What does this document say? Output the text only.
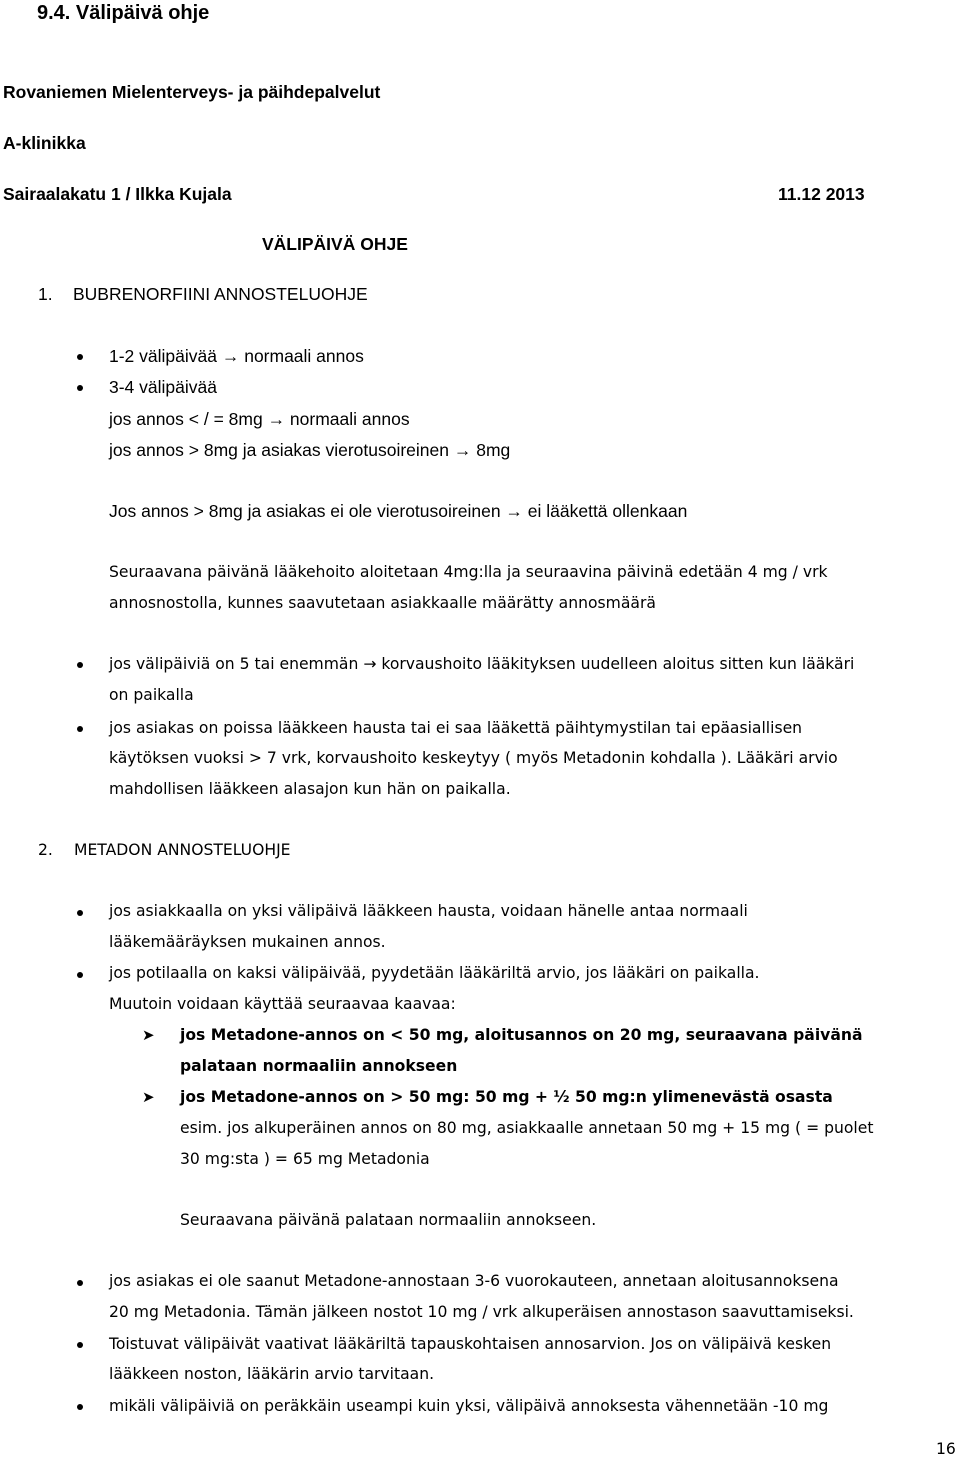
9.4. Välipäivä ohje
Rovaniemen Mielenterveys- ja päihdepalvelut
A-klinikka
Sairaalakatu 1 / Ilkka Kujala	11.12 2013
VÄLIPÄIVÄ OHJE
1. BUBRENORFIINI ANNOSTELUOHJE
1-2 välipäivää → normaali annos
3-4 välipäivää
jos annos < / = 8mg → normaali annos
jos annos > 8mg ja asiakas vierotusoireinen → 8mg
Jos annos > 8mg ja asiakas ei ole vierotusoireinen → ei lääkettä ollenkaan
Seuraavana päivänä lääkehoito aloitetaan 4mg:lla ja seuraavina päivinä edetään 4 mg / vrk
annosnostolla, kunnes saavutetaan asiakkaalle määrätty annosmäärä
jos välipäiviä on 5 tai enemmän → korvaushoito lääkityksen uudelleen aloitus sitten kun lääkäri
on paikalla
jos asiakas on poissa lääkkeen hausta tai ei saa lääkettä päihtymystilan tai epäasiallisen
käytöksen vuoksi > 7 vrk, korvaushoito keskeytyy ( myös Metadonin kohdalla ). Lääkäri arvio
mahdollisen lääkkeen alasajon kun hän on paikalla.
2. METADON ANNOSTELUOHJE
jos asiakkaalla on yksi välipäivä lääkkeen hausta, voidaan hänelle antaa normaali
lääkemääräyksen mukainen annos.
jos potilaalla on kaksi välipäivää, pyydetään lääkäriltä arvio, jos lääkäri on paikalla.
Muutoin voidaan käyttää seuraavaa kaavaa:
➤ jos Metadone-annos on < 50 mg, aloitusannos on 20 mg, seuraavana päivänä
palataan normaaliin annokseen
➤ jos Metadone-annos on > 50 mg: 50 mg + ½ 50 mg:n ylimenevästä osasta
esim. jos alkuperäinen annos on 80 mg, asiakkaalle annetaan 50 mg + 15 mg ( = puolet
30 mg:sta ) = 65 mg Metadonia
Seuraavana päivänä palataan normaaliin annokseen.
jos asiakas ei ole saanut Metadone-annostaan 3-6 vuorokauteen, annetaan aloitusannoksena
20 mg Metadonia. Tämän jälkeen nostot 10 mg / vrk alkuperäisen annostason saavuttamiseksi.
Toistuvat välipäivät vaativat lääkäriltä tapauskohtaisen annosarvion. Jos on välipäivä kesken
lääkkeen noston, lääkärin arvio tarvitaan.
mikäli välipäiviä on peräkkäin useampi kuin yksi, välipäivä annoksesta vähennetään -10 mg
16
